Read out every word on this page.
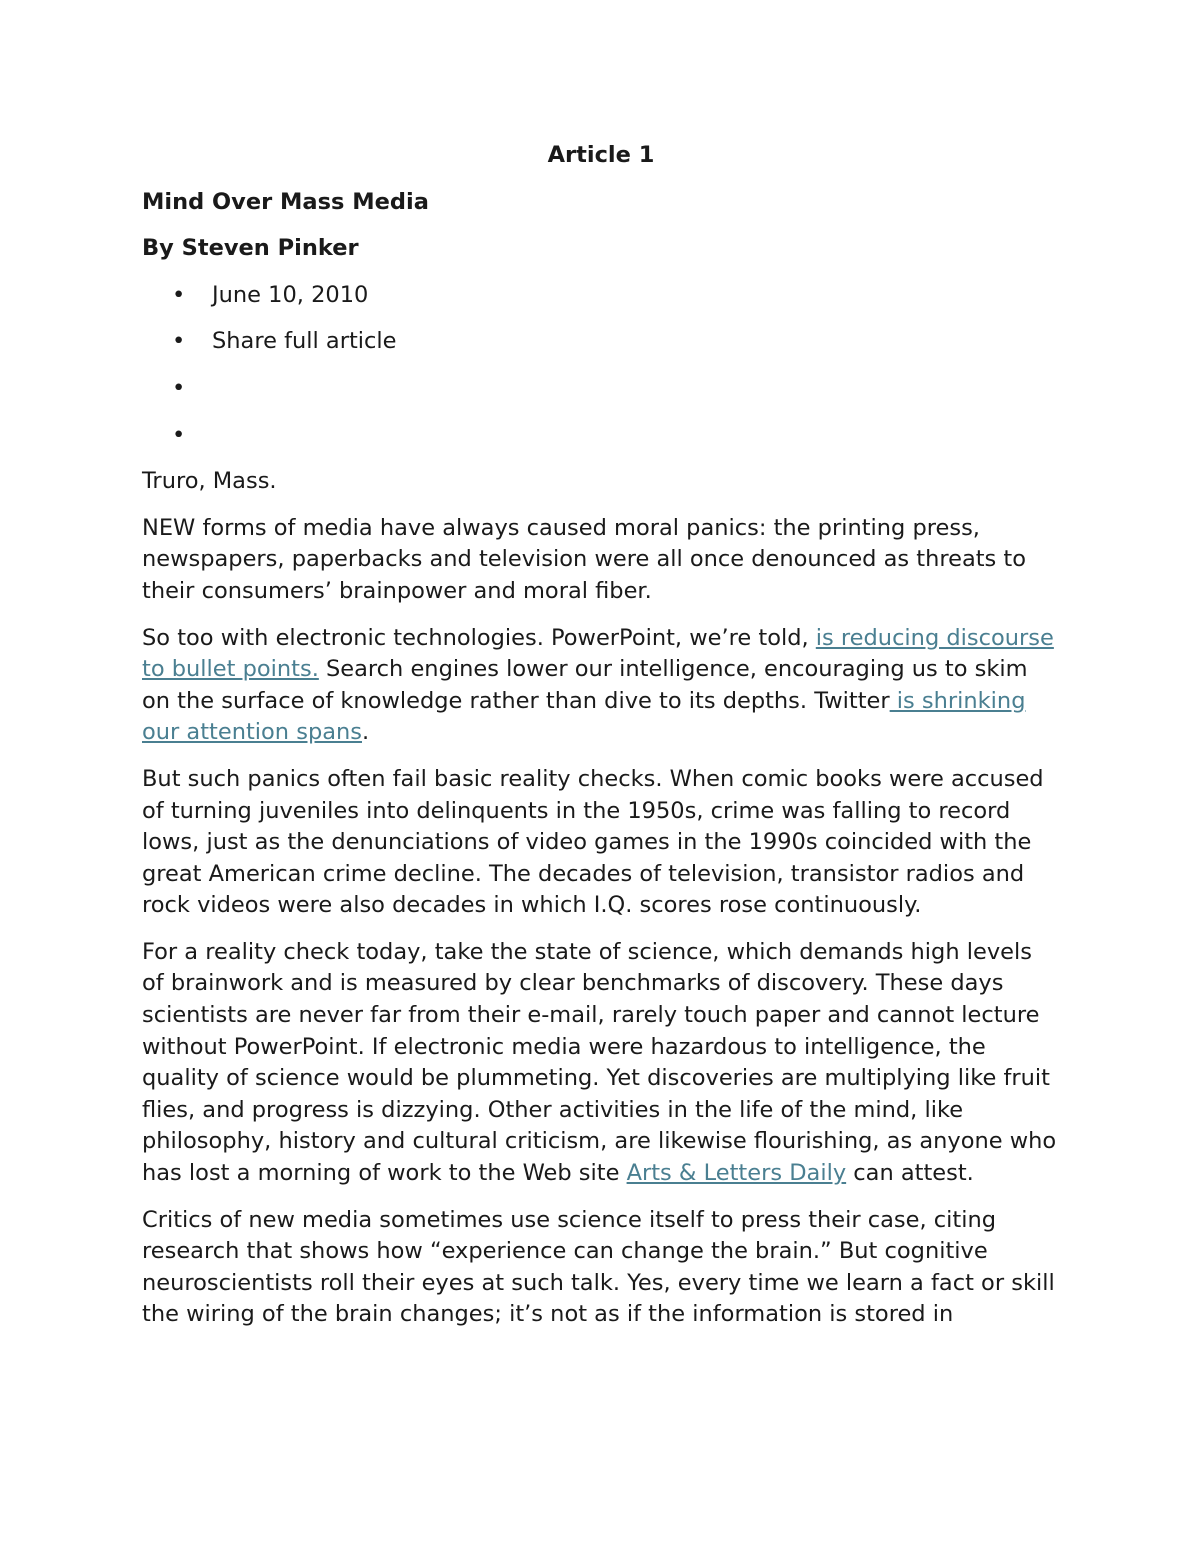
Article 1
Mind Over Mass Media
By Steven Pinker
• June 10, 2010
• Share full article
•
•

Truro, Mass.

NEW forms of media have always caused moral panics: the printing press, newspapers, paperbacks and television were all once denounced as threats to their consumers’ brainpower and moral fiber.

So too with electronic technologies. PowerPoint, we’re told, is reducing discourse to bullet points. Search engines lower our intelligence, encouraging us to skim on the surface of knowledge rather than dive to its depths. Twitter is shrinking our attention spans.

But such panics often fail basic reality checks. When comic books were accused of turning juveniles into delinquents in the 1950s, crime was falling to record lows, just as the denunciations of video games in the 1990s coincided with the great American crime decline. The decades of television, transistor radios and rock videos were also decades in which I.Q. scores rose continuously.

For a reality check today, take the state of science, which demands high levels of brainwork and is measured by clear benchmarks of discovery. These days scientists are never far from their e-mail, rarely touch paper and cannot lecture without PowerPoint. If electronic media were hazardous to intelligence, the quality of science would be plummeting. Yet discoveries are multiplying like fruit flies, and progress is dizzying. Other activities in the life of the mind, like philosophy, history and cultural criticism, are likewise flourishing, as anyone who has lost a morning of work to the Web site Arts & Letters Daily can attest.

Critics of new media sometimes use science itself to press their case, citing research that shows how “experience can change the brain.” But cognitive neuroscientists roll their eyes at such talk. Yes, every time we learn a fact or skill the wiring of the brain changes; it’s not as if the information is stored in
